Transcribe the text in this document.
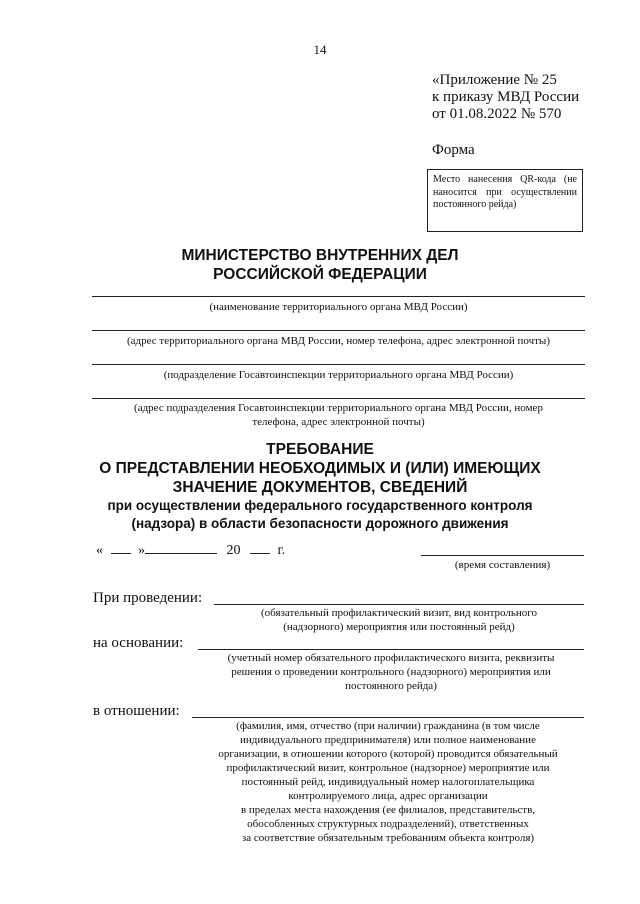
14
«Приложение № 25
к приказу МВД России
от 01.08.2022 № 570
Форма
Место нанесения QR-кода (не наносится при осуществлении постоянного рейда)
МИНИСТЕРСТВО ВНУТРЕННИХ ДЕЛ
РОССИЙСКОЙ ФЕДЕРАЦИИ
(наименование территориального органа МВД России)
(адрес территориального органа МВД России, номер телефона, адрес электронной почты)
(подразделение Госавтоинспекции территориального органа МВД России)
(адрес подразделения Госавтоинспекции территориального органа МВД России, номер
телефона, адрес электронной почты)
ТРЕБОВАНИЕ
О ПРЕДСТАВЛЕНИИ НЕОБХОДИМЫХ И (ИЛИ) ИМЕЮЩИХ
ЗНАЧЕНИЕ ДОКУМЕНТОВ, СВЕДЕНИЙ
при осуществлении федерального государственного контроля
(надзора) в области безопасности дорожного движения
«	»	20	г.
(время составления)
При проведении:
(обязательный профилактический визит, вид контрольного
(надзорного) мероприятия или постоянный рейд)
на основании:
(учетный номер обязательного профилактического визита, реквизиты
решения о проведении контрольного (надзорного) мероприятия или
постоянного рейда)
в отношении:
(фамилия, имя, отчество (при наличии) гражданина (в том числе
индивидуального предпринимателя) или полное наименование
организации, в отношении которого (которой) проводится обязательный
профилактический визит, контрольное (надзорное) мероприятие или
постоянный рейд, индивидуальный номер налогоплательщика
контролируемого лица, адрес организации
в пределах места нахождения (ее филиалов, представительств,
обособленных структурных подразделений), ответственных
за соответствие обязательным требованиям объекта контроля)
